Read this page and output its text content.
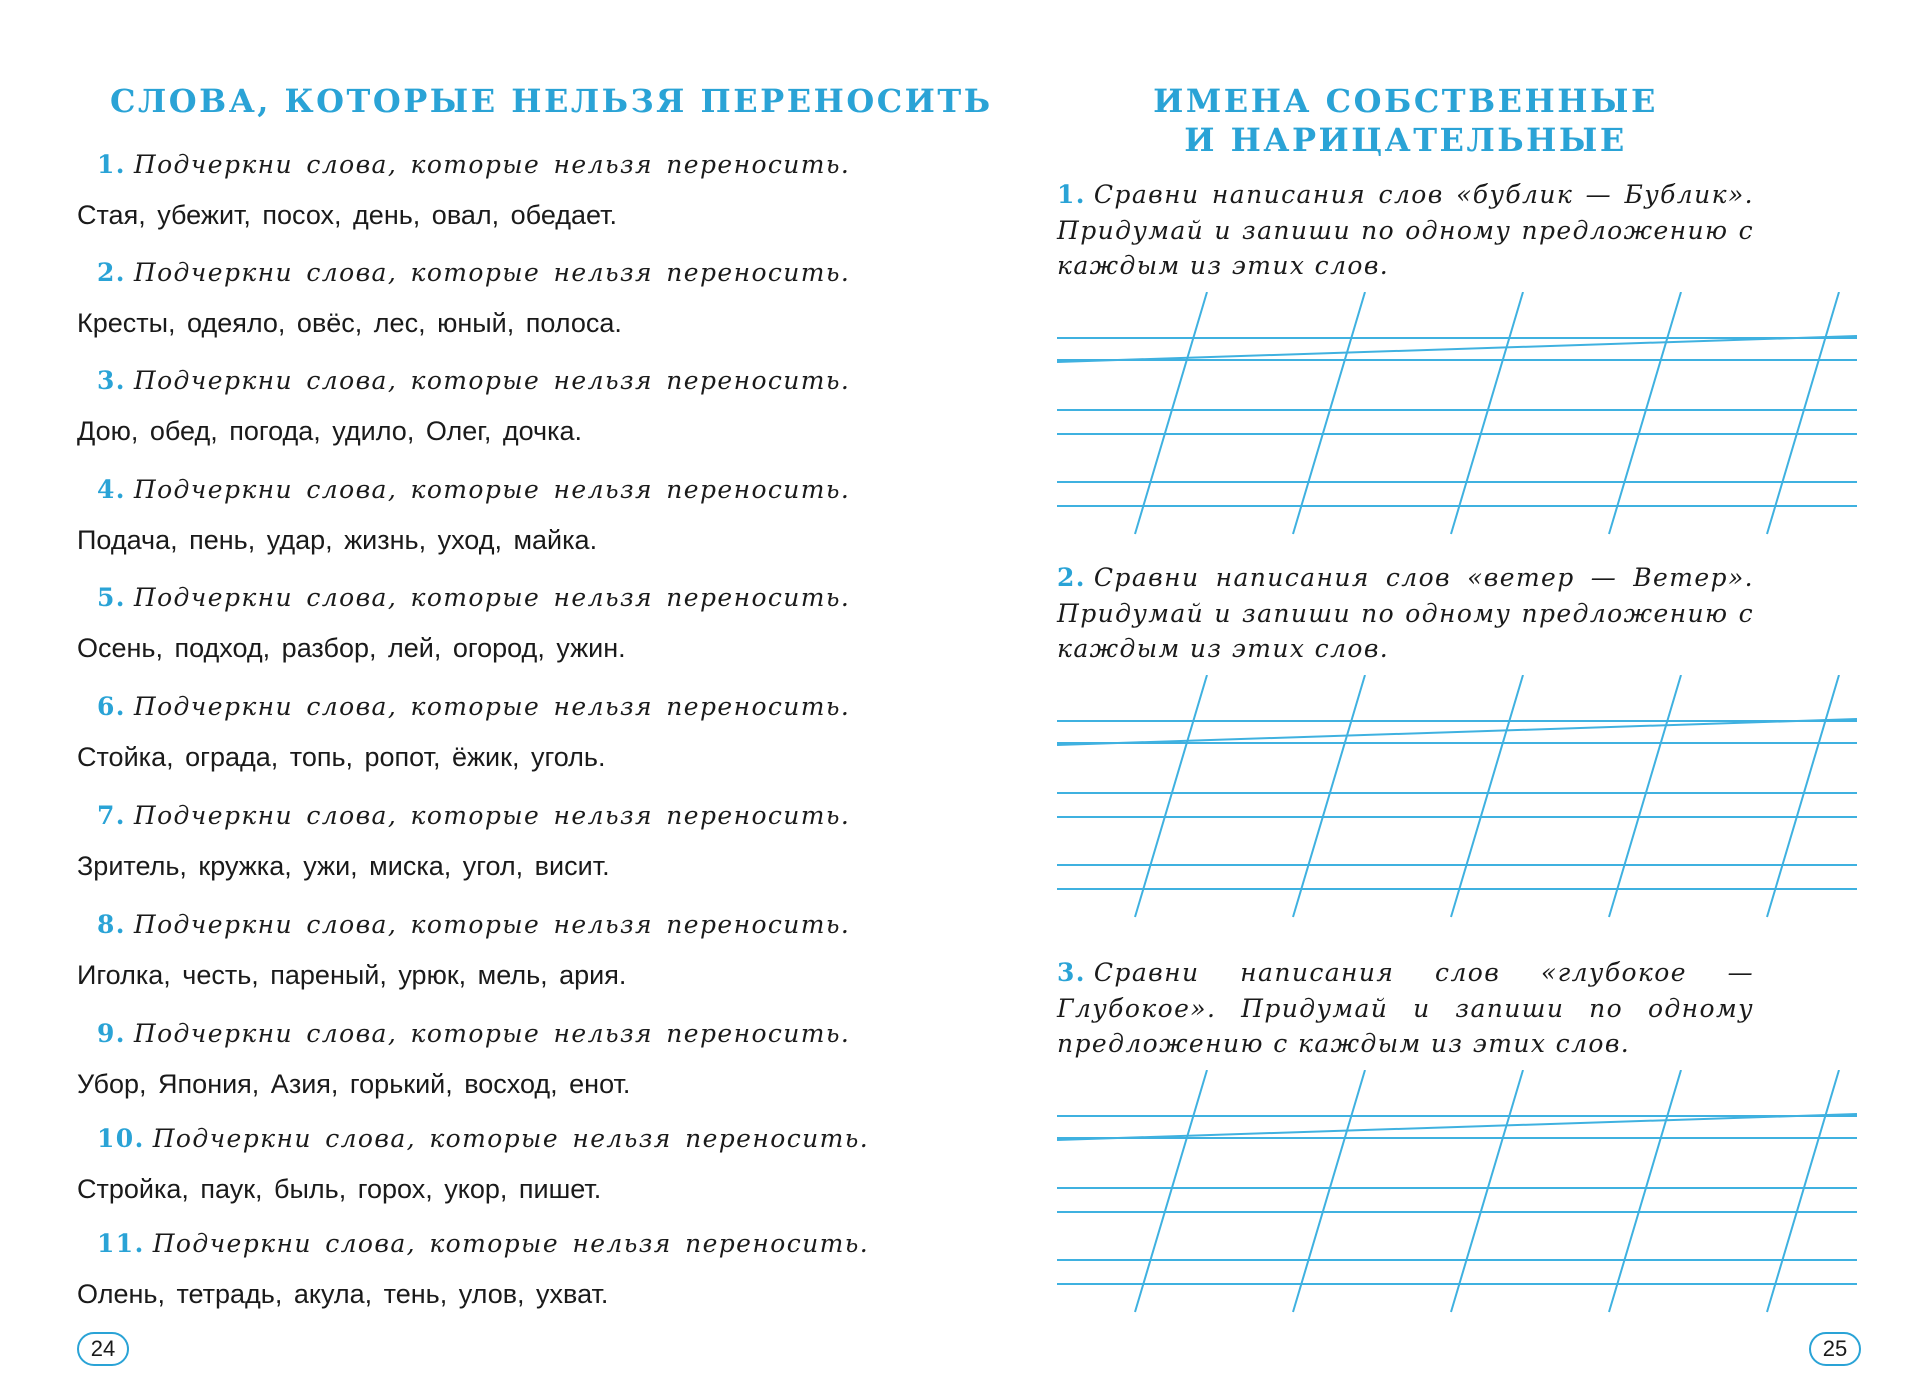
СЛОВА, КОТОРЫЕ НЕЛЬЗЯ ПЕРЕНОСИТЬ
1. Подчеркни слова, которые нельзя переносить.
Стая, убежит, посох, день, овал, обедает.
2. Подчеркни слова, которые нельзя переносить.
Кресты, одеяло, овёс, лес, юный, полоса.
3. Подчеркни слова, которые нельзя переносить.
Дою, обед, погода, удило, Олег, дочка.
4. Подчеркни слова, которые нельзя переносить.
Подача, пень, удар, жизнь, уход, майка.
5. Подчеркни слова, которые нельзя переносить.
Осень, подход, разбор, лей, огород, ужин.
6. Подчеркни слова, которые нельзя переносить.
Стойка, ограда, топь, ропот, ёжик, уголь.
7. Подчеркни слова, которые нельзя переносить.
Зритель, кружка, ужи, миска, угол, висит.
8. Подчеркни слова, которые нельзя переносить.
Иголка, честь, пареный, урюк, мель, ария.
9. Подчеркни слова, которые нельзя переносить.
Убор, Япония, Азия, горький, восход, енот.
10. Подчеркни слова, которые нельзя переносить.
Стройка, паук, быль, горох, укор, пишет.
11. Подчеркни слова, которые нельзя переносить.
Олень, тетрадь, акула, тень, улов, ухват.
24
ИМЕНА СОБСТВЕННЫЕ
И НАРИЦАТЕЛЬНЫЕ
1. Сравни написания слов «бублик — Бублик». Придумай и запиши по одному предложению с каждым из этих слов.
2. Сравни написания слов «ветер — Ветер». Придумай и запиши по одному предложению с каждым из этих слов.
3. Сравни написания слов «глубокое — Глубокое». Придумай и запиши по одному предложению с каждым из этих слов.
25
